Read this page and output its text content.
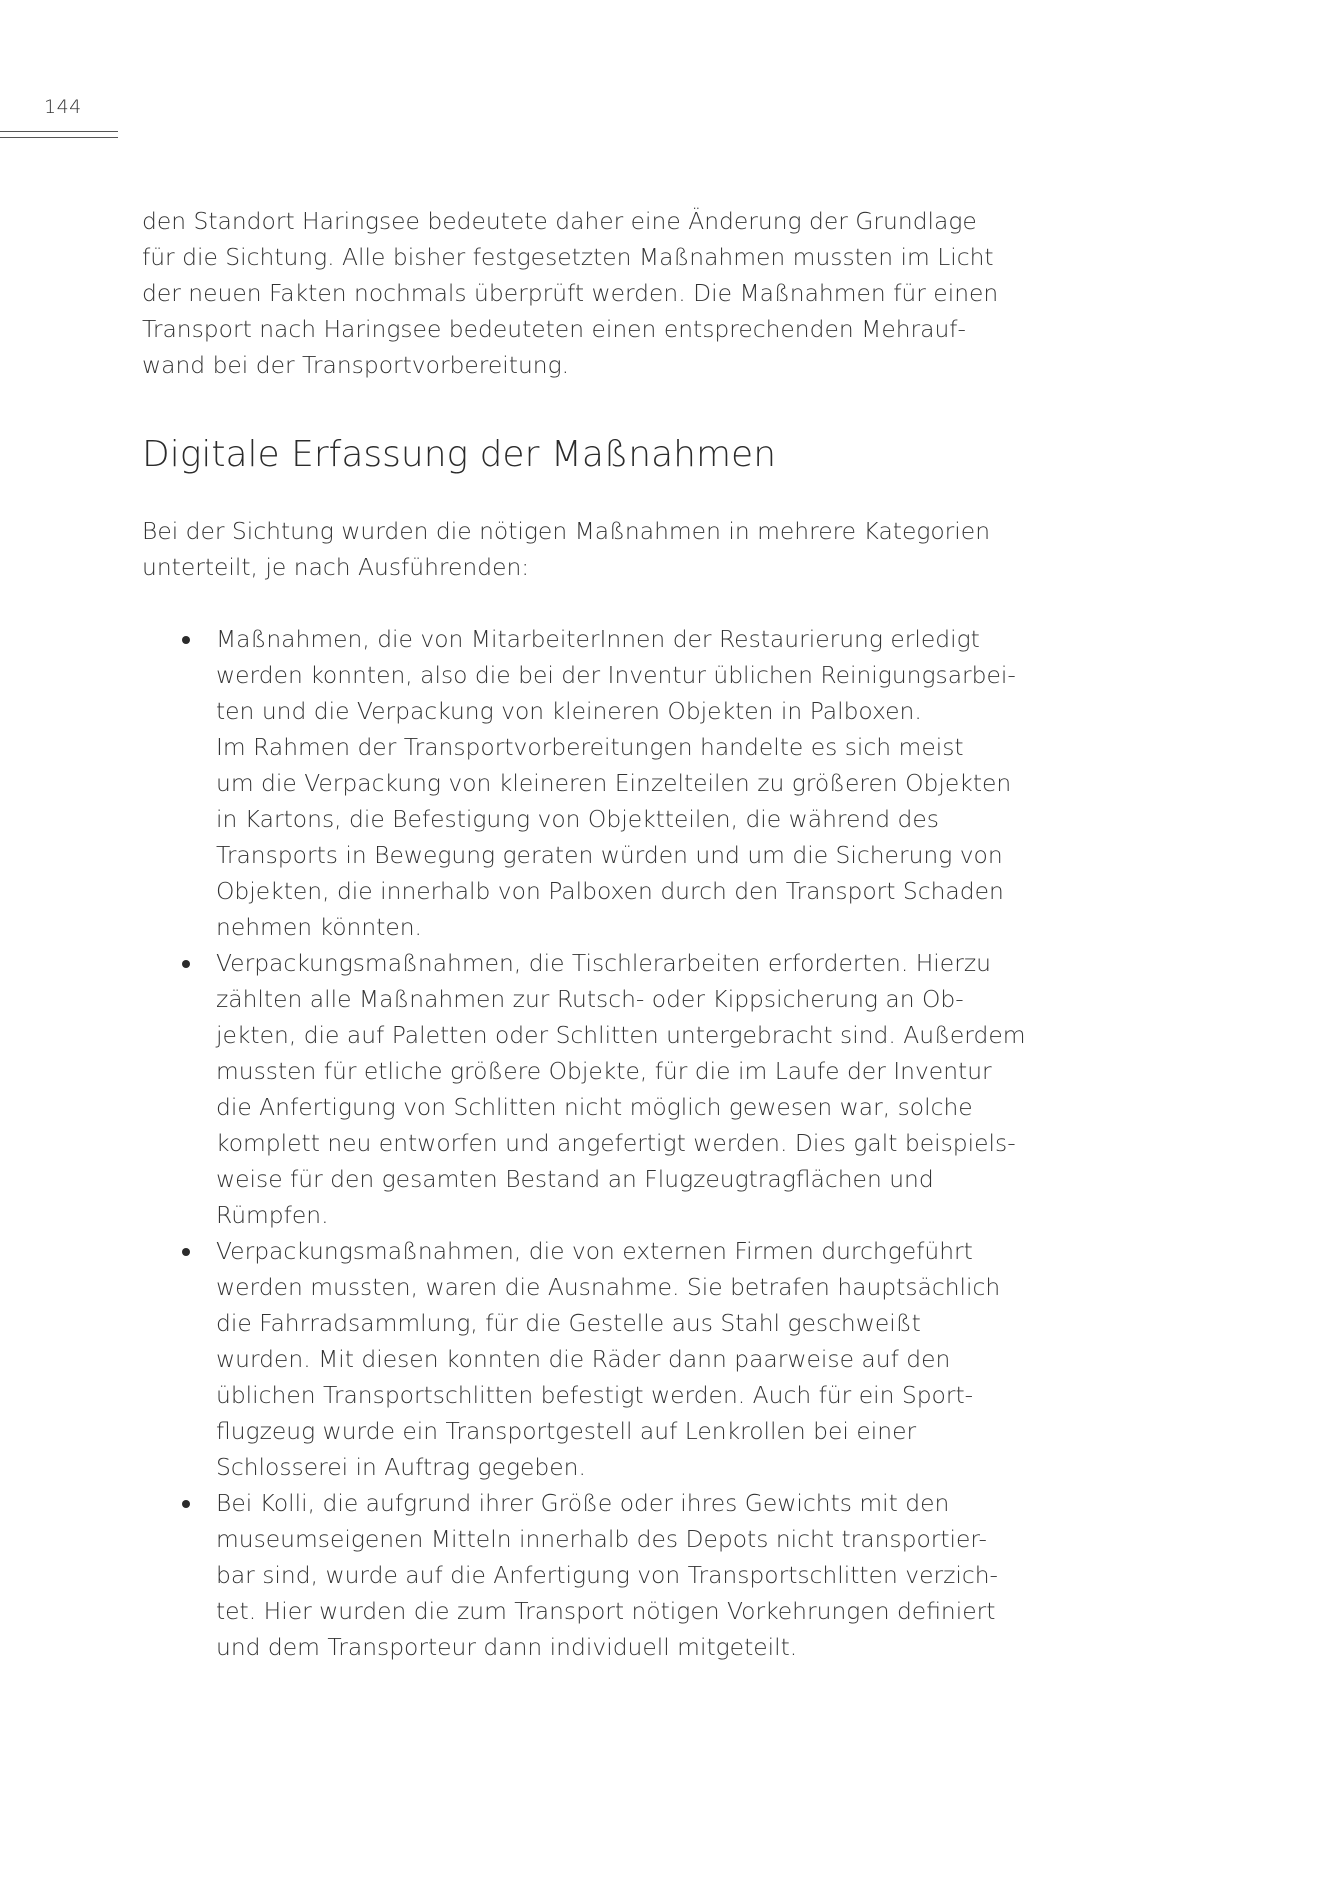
144
den Standort Haringsee bedeutete daher eine Änderung der Grundlage
für die Sichtung. Alle bisher festgesetzten Maßnahmen mussten im Licht
der neuen Fakten nochmals überprüft werden. Die Maßnahmen für einen
Transport nach Haringsee bedeuteten einen entsprechenden Mehrauf-
wand bei der Transportvorbereitung.
Digitale Erfassung der Maßnahmen
Bei der Sichtung wurden die nötigen Maßnahmen in mehrere Kategorien
unterteilt, je nach Ausführenden:
Maßnahmen, die von MitarbeiterInnen der Restaurierung erledigt
werden konnten, also die bei der Inventur üblichen Reinigungsarbei-
ten und die Verpackung von kleineren Objekten in Palboxen.
Im Rahmen der Transportvorbereitungen handelte es sich meist
um die Verpackung von kleineren Einzelteilen zu größeren Objekten
in Kartons, die Befestigung von Objektteilen, die während des
Transports in Bewegung geraten würden und um die Sicherung von
Objekten, die innerhalb von Palboxen durch den Transport Schaden
nehmen könnten.
Verpackungsmaßnahmen, die Tischlerarbeiten erforderten. Hierzu
zählten alle Maßnahmen zur Rutsch- oder Kippsicherung an Ob-
jekten, die auf Paletten oder Schlitten untergebracht sind. Außerdem
mussten für etliche größere Objekte, für die im Laufe der Inventur
die Anfertigung von Schlitten nicht möglich gewesen war, solche
komplett neu entworfen und angefertigt werden. Dies galt beispiels-
weise für den gesamten Bestand an Flugzeugtragflächen und
Rümpfen.
Verpackungsmaßnahmen, die von externen Firmen durchgeführt
werden mussten, waren die Ausnahme. Sie betrafen hauptsächlich
die Fahrradsammlung, für die Gestelle aus Stahl geschweißt
wurden. Mit diesen konnten die Räder dann paarweise auf den
üblichen Transportschlitten befestigt werden. Auch für ein Sport-
flugzeug wurde ein Transportgestell auf Lenkrollen bei einer
Schlosserei in Auftrag gegeben.
Bei Kolli, die aufgrund ihrer Größe oder ihres Gewichts mit den
museumseigenen Mitteln innerhalb des Depots nicht transportier-
bar sind, wurde auf die Anfertigung von Transportschlitten verzich-
tet. Hier wurden die zum Transport nötigen Vorkehrungen definiert
und dem Transporteur dann individuell mitgeteilt.
